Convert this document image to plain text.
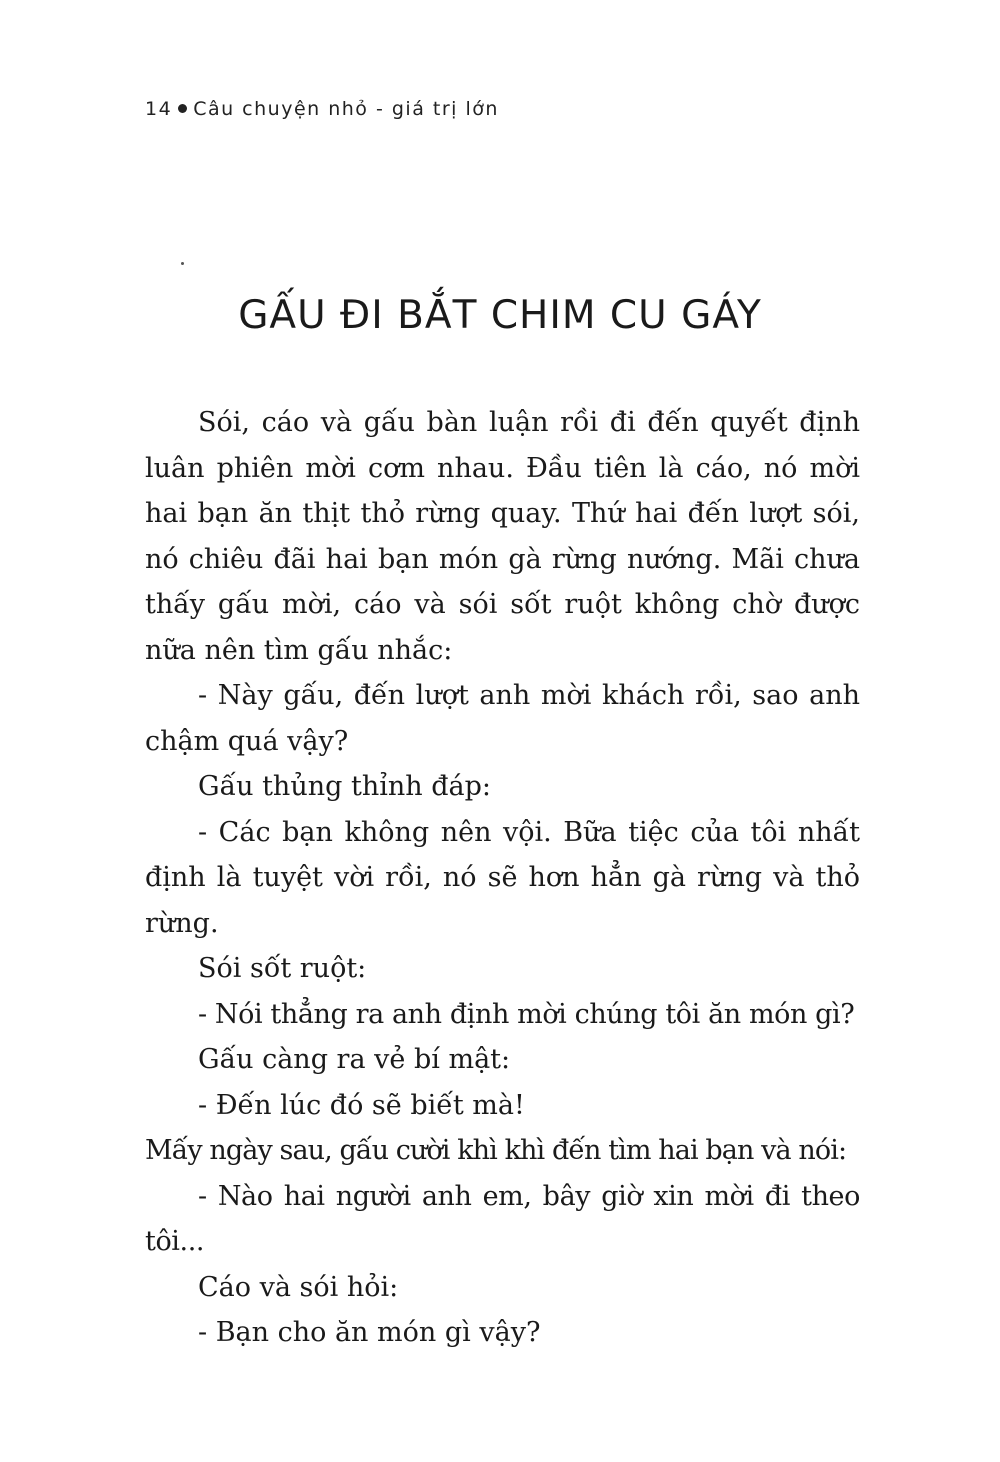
14 Câu chuyện nhỏ - giá trị lớn
GẤU ĐI BẮT CHIM CU GÁY

Sói, cáo và gấu bàn luận rồi đi đến quyết định luân phiên mời cơm nhau. Đầu tiên là cáo, nó mời hai bạn ăn thịt thỏ rừng quay. Thứ hai đến lượt sói, nó chiêu đãi hai bạn món gà rừng nướng. Mãi chưa thấy gấu mời, cáo và sói sốt ruột không chờ được nữa nên tìm gấu nhắc:

- Này gấu, đến lượt anh mời khách rồi, sao anh chậm quá vậy?

Gấu thủng thỉnh đáp:

- Các bạn không nên vội. Bữa tiệc của tôi nhất định là tuyệt vời rồi, nó sẽ hơn hẳn gà rừng và thỏ rừng.

Sói sốt ruột:

- Nói thẳng ra anh định mời chúng tôi ăn món gì?

Gấu càng ra vẻ bí mật:

- Đến lúc đó sẽ biết mà!

Mấy ngày sau, gấu cười khì khì đến tìm hai bạn và nói:

- Nào hai người anh em, bây giờ xin mời đi theo tôi...

Cáo và sói hỏi:

- Bạn cho ăn món gì vậy?
